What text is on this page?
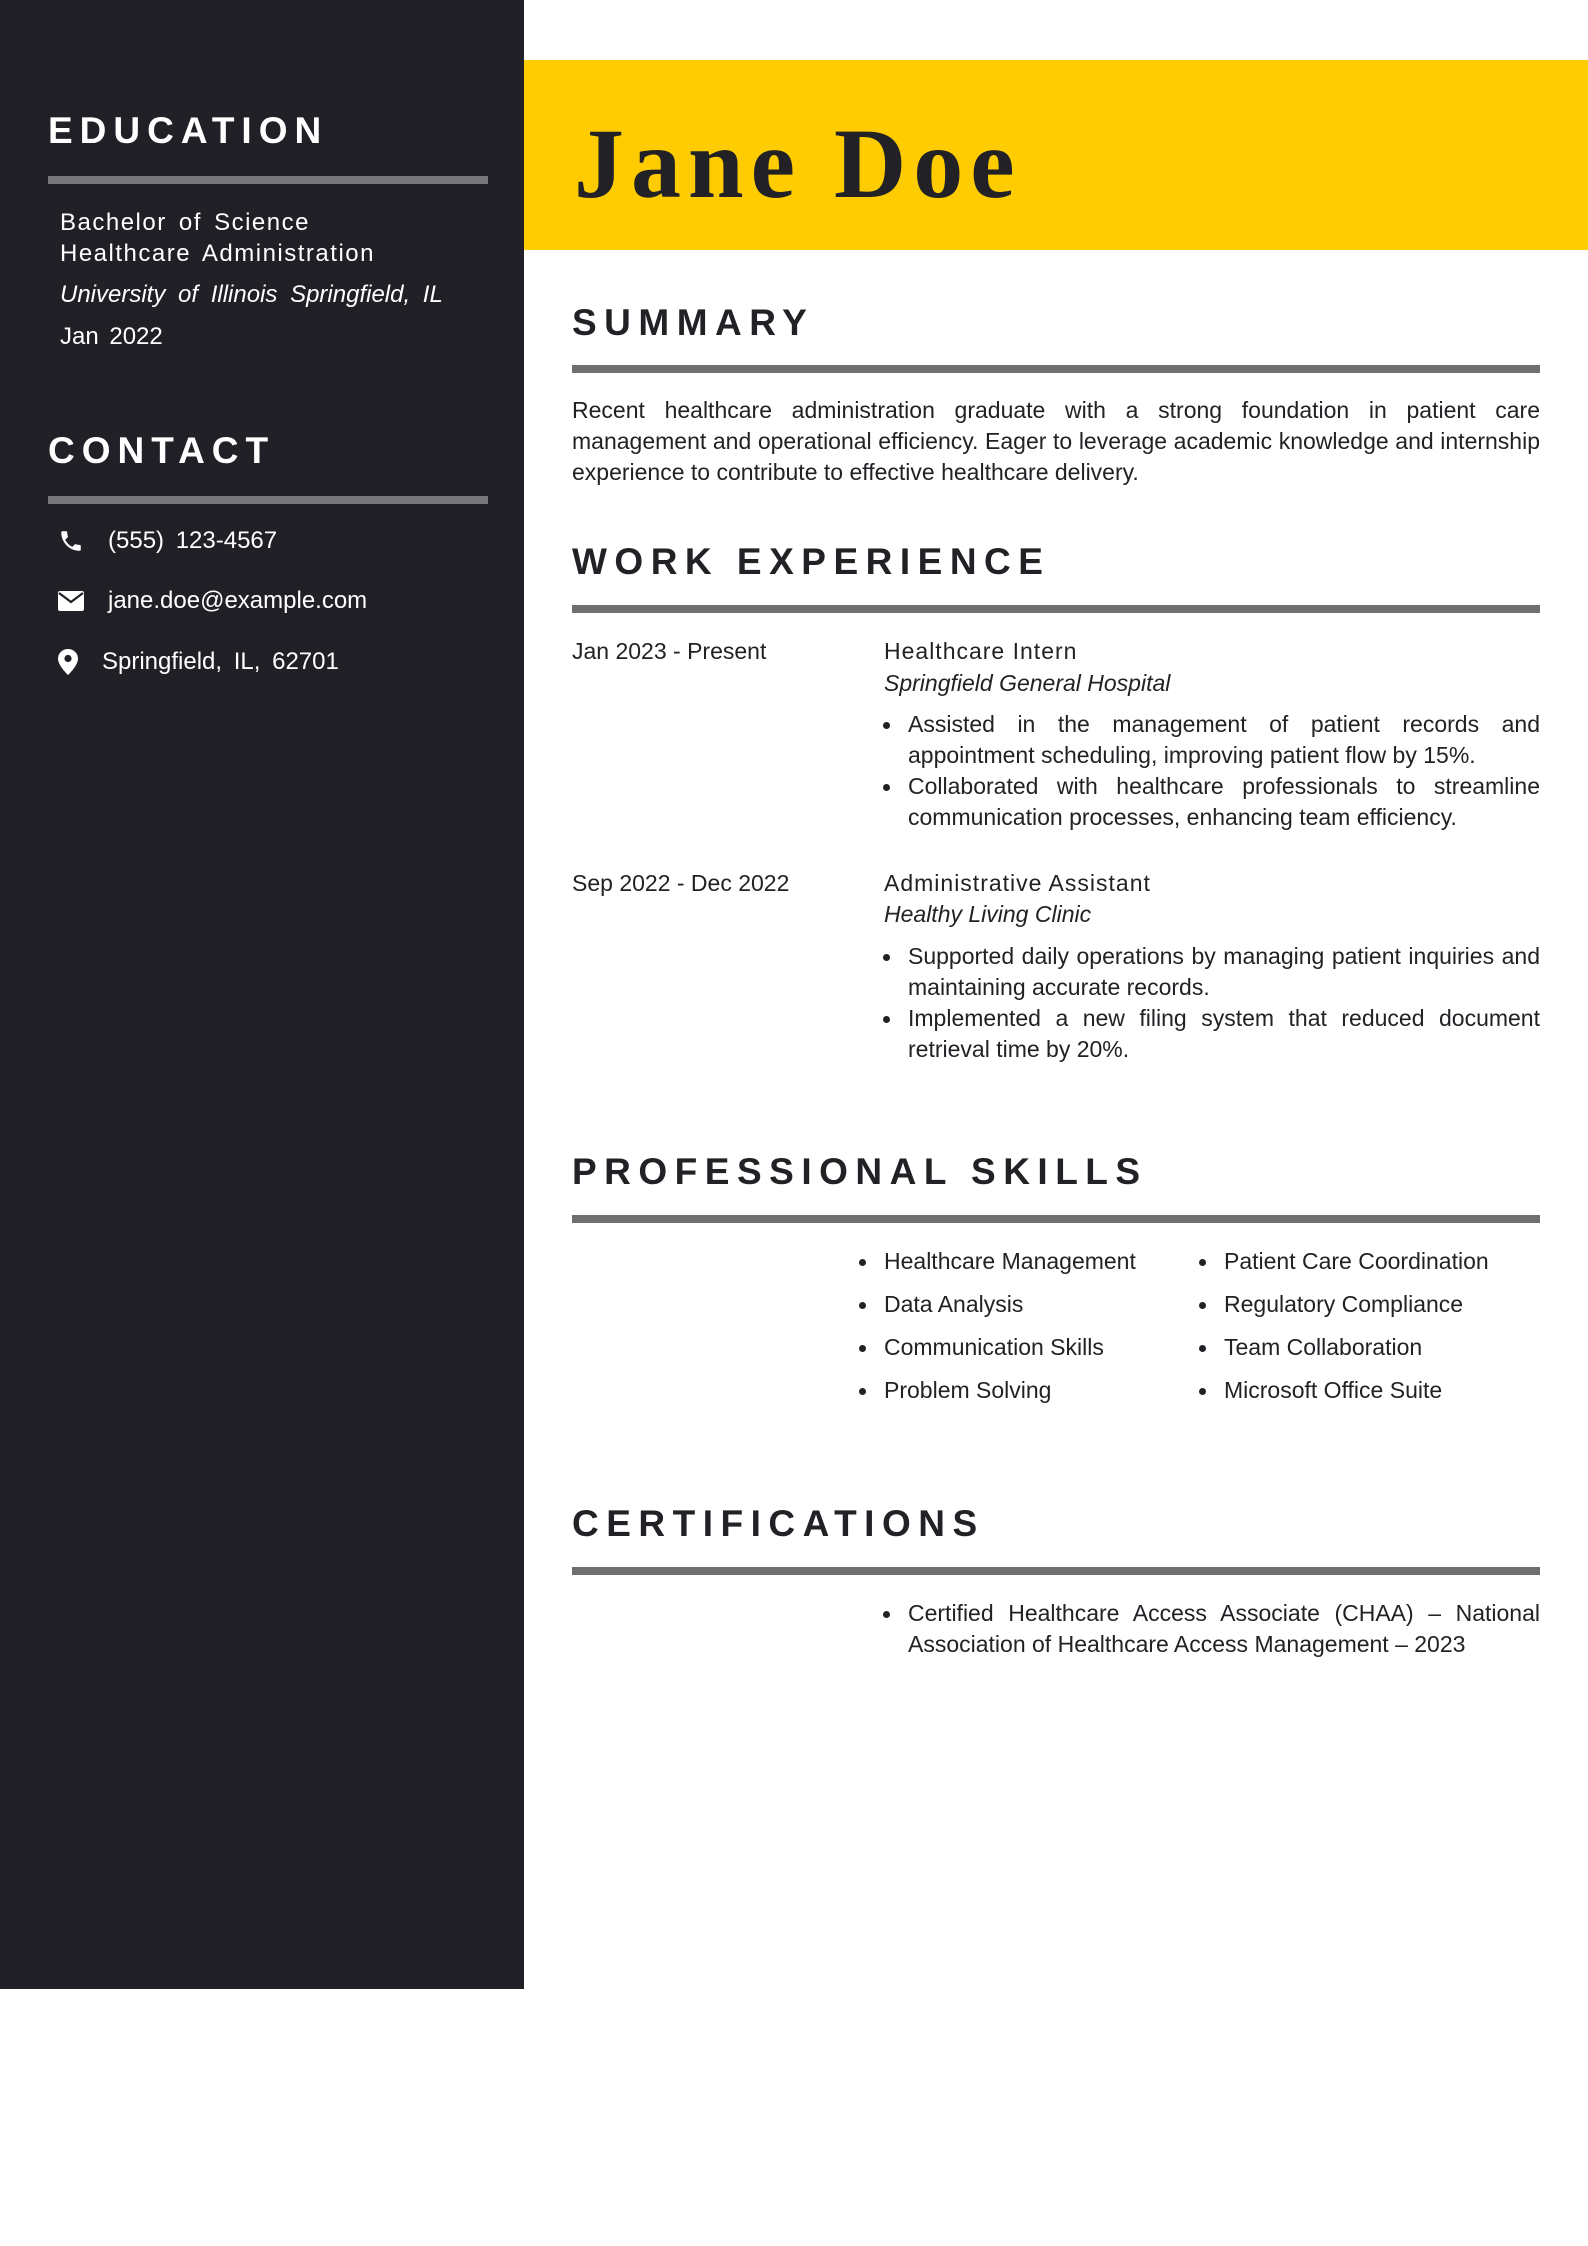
EDUCATION
Bachelor of Science
Healthcare Administration
University of Illinois Springfield, IL
Jan 2022
CONTACT
(555) 123-4567
jane.doe@example.com
Springfield, IL, 62701
Jane Doe
SUMMARY

Recent healthcare administration graduate with a strong foundation in patient care management and operational efficiency. Eager to leverage academic knowledge and internship experience to contribute to effective healthcare delivery.

WORK EXPERIENCE
Jan 2023 - Present	Healthcare Intern
Springfield General Hospital
Assisted in the management of patient records and appointment scheduling, improving patient flow by 15%.
Collaborated with healthcare professionals to streamline communication processes, enhancing team efficiency.
Sep 2022 - Dec 2022	Administrative Assistant
Healthy Living Clinic
Supported daily operations by managing patient inquiries and maintaining accurate records.
Implemented a new filing system that reduced document retrieval time by 20%.
PROFESSIONAL SKILLS
Healthcare Management
Data Analysis
Communication Skills
Problem Solving
Patient Care Coordination
Regulatory Compliance
Team Collaboration
Microsoft Office Suite
CERTIFICATIONS
Certified Healthcare Access Associate (CHAA) – National Association of Healthcare Access Management – 2023
